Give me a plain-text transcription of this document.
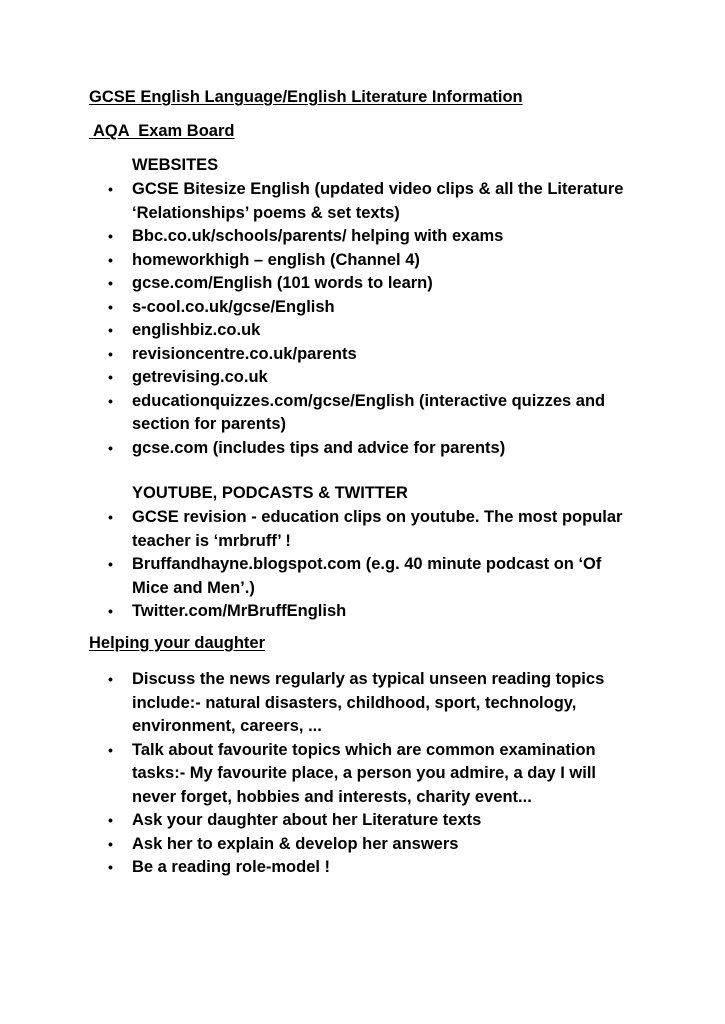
GCSE English Language/English Literature Information
AQA  Exam Board
WEBSITES
•	GCSE Bitesize English (updated video clips & all the Literature ‘Relationships’ poems & set texts)
•	Bbc.co.uk/schools/parents/ helping with exams
•	homeworkhigh – english (Channel 4)
•	gcse.com/English (101 words to learn)
•	s-cool.co.uk/gcse/English
•	englishbiz.co.uk
•	revisioncentre.co.uk/parents
•	getrevising.co.uk
•	educationquizzes.com/gcse/English (interactive quizzes and section for parents)
•	gcse.com (includes tips and advice for parents)
YOUTUBE, PODCASTS & TWITTER
•	GCSE revision - education clips on youtube. The most popular teacher is ‘mrbruff’ !
•	Bruffandhayne.blogspot.com (e.g. 40 minute podcast on ‘Of Mice and Men’.)
•	Twitter.com/MrBruffEnglish
Helping your daughter
•	Discuss the news regularly as typical unseen reading topics include:- natural disasters, childhood, sport, technology, environment, careers, ...
•	Talk about favourite topics which are common examination tasks:- My favourite place, a person you admire, a day I will never forget, hobbies and interests, charity event...
•	Ask your daughter about her Literature texts
•	Ask her to explain & develop her answers
•	Be a reading role-model !
